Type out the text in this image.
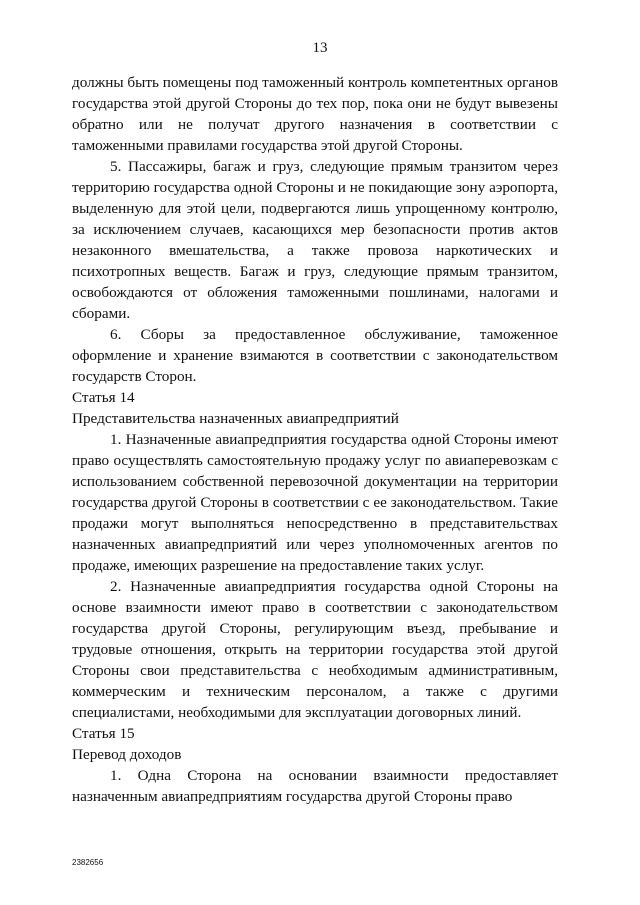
13

должны быть помещены под таможенный контроль компетентных органов государства этой другой Стороны до тех пор, пока они не будут вывезены обратно или не получат другого назначения в соответствии с таможенными правилами государства этой другой Стороны.

5. Пассажиры, багаж и груз, следующие прямым транзитом через территорию государства одной Стороны и не покидающие зону аэропорта, выделенную для этой цели, подвергаются лишь упрощенному контролю, за исключением случаев, касающихся мер безопасности против актов незаконного вмешательства, а также провоза наркотических и психотропных веществ. Багаж и груз, следующие прямым транзитом, освобождаются от обложения таможенными пошлинами, налогами и сборами.

6. Сборы за предоставленное обслуживание, таможенное оформление и хранение взимаются в соответствии с законодательством государств Сторон.

Статья 14

Представительства назначенных авиапредприятий

1. Назначенные авиапредприятия государства одной Стороны имеют право осуществлять самостоятельную продажу услуг по авиаперевозкам с использованием собственной перевозочной документации на территории государства другой Стороны в соответствии с ее законодательством. Такие продажи могут выполняться непосредственно в представительствах назначенных авиапредприятий или через уполномоченных агентов по продаже, имеющих разрешение на предоставление таких услуг.

2. Назначенные авиапредприятия государства одной Стороны на основе взаимности имеют право в соответствии с законодательством государства другой Стороны, регулирующим въезд, пребывание и трудовые отношения, открыть на территории государства этой другой Стороны свои представительства с необходимым административным, коммерческим и техническим персоналом, а также с другими специалистами, необходимыми для эксплуатации договорных линий.

Статья 15

Перевод доходов

1. Одна Сторона на основании взаимности предоставляет назначенным авиапредприятиям государства другой Стороны право

2382656
